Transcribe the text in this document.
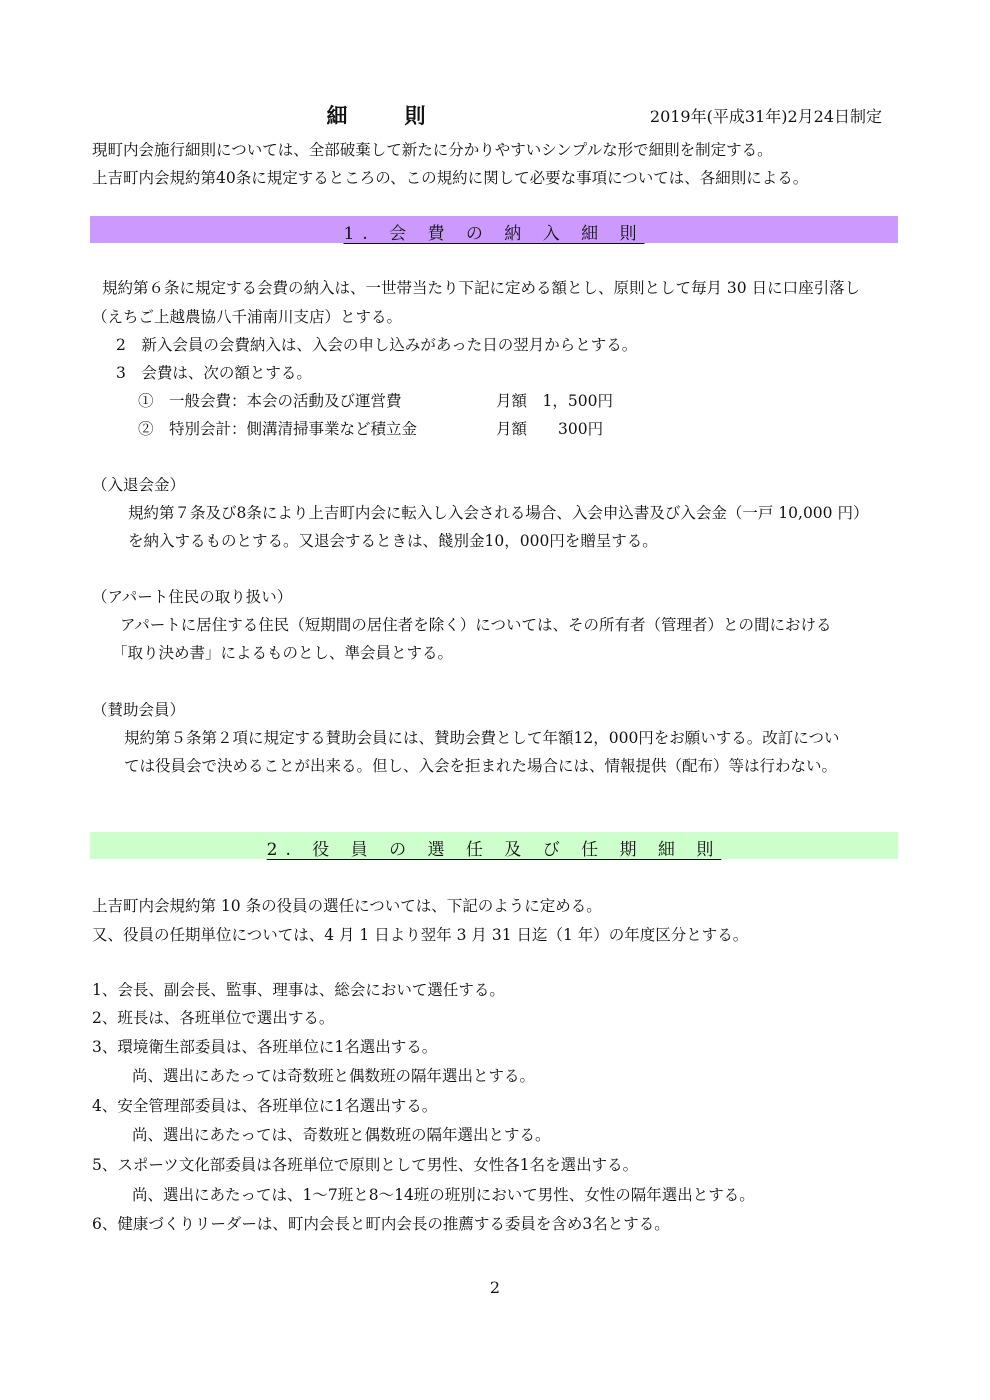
細　則	2019年(平成31年)2月24日制定
現町内会施行細則については、全部破棄して新たに分かりやすいシンプルな形で細則を制定する。
上吉町内会規約第40条に規定するところの、この規約に関して必要な事項については、各細則による。
1. 会 費 の 納 入 細 則
規約第６条に規定する会費の納入は、一世帯当たり下記に定める額とし、原則として毎月 30 日に口座引落し
（えちご上越農協八千浦南川支店）とする。
2　新入会員の会費納入は、入会の申し込みがあった日の翌月からとする。
3　会費は、次の額とする。
①　一般会費：本会の活動及び運営費	月額　1，500円
②　特別会計：側溝清掃事業など積立金	月額　　300円
（入退会金）
規約第７条及び8条により上吉町内会に転入し入会される場合、入会申込書及び入会金（一戸 10,000 円）
を納入するものとする。又退会するときは、餞別金10，000円を贈呈する。
（アパート住民の取り扱い）
アパートに居住する住民（短期間の居住者を除く）については、その所有者（管理者）との間における
「取り決め書」によるものとし、準会員とする。
（賛助会員）
規約第５条第２項に規定する賛助会員には、賛助会費として年額12，000円をお願いする。改訂につい
ては役員会で決めることが出来る。但し、入会を拒まれた場合には、情報提供（配布）等は行わない。
2. 役 員 の 選 任 及 び 任 期 細 則
上吉町内会規約第 10 条の役員の選任については、下記のように定める。
又、役員の任期単位については、4 月 1 日より翌年 3 月 31 日迄（1 年）の年度区分とする。
1、会長、副会長、監事、理事は、総会において選任する。
2、班長は、各班単位で選出する。
3、環境衛生部委員は、各班単位に1名選出する。
尚、選出にあたっては奇数班と偶数班の隔年選出とする。
4、安全管理部委員は、各班単位に1名選出する。
尚、選出にあたっては、奇数班と偶数班の隔年選出とする。
5、スポーツ文化部委員は各班単位で原則として男性、女性各1名を選出する。
尚、選出にあたっては、1～7班と8～14班の班別において男性、女性の隔年選出とする。
6、健康づくりリーダーは、町内会長と町内会長の推薦する委員を含め3名とする。
2
